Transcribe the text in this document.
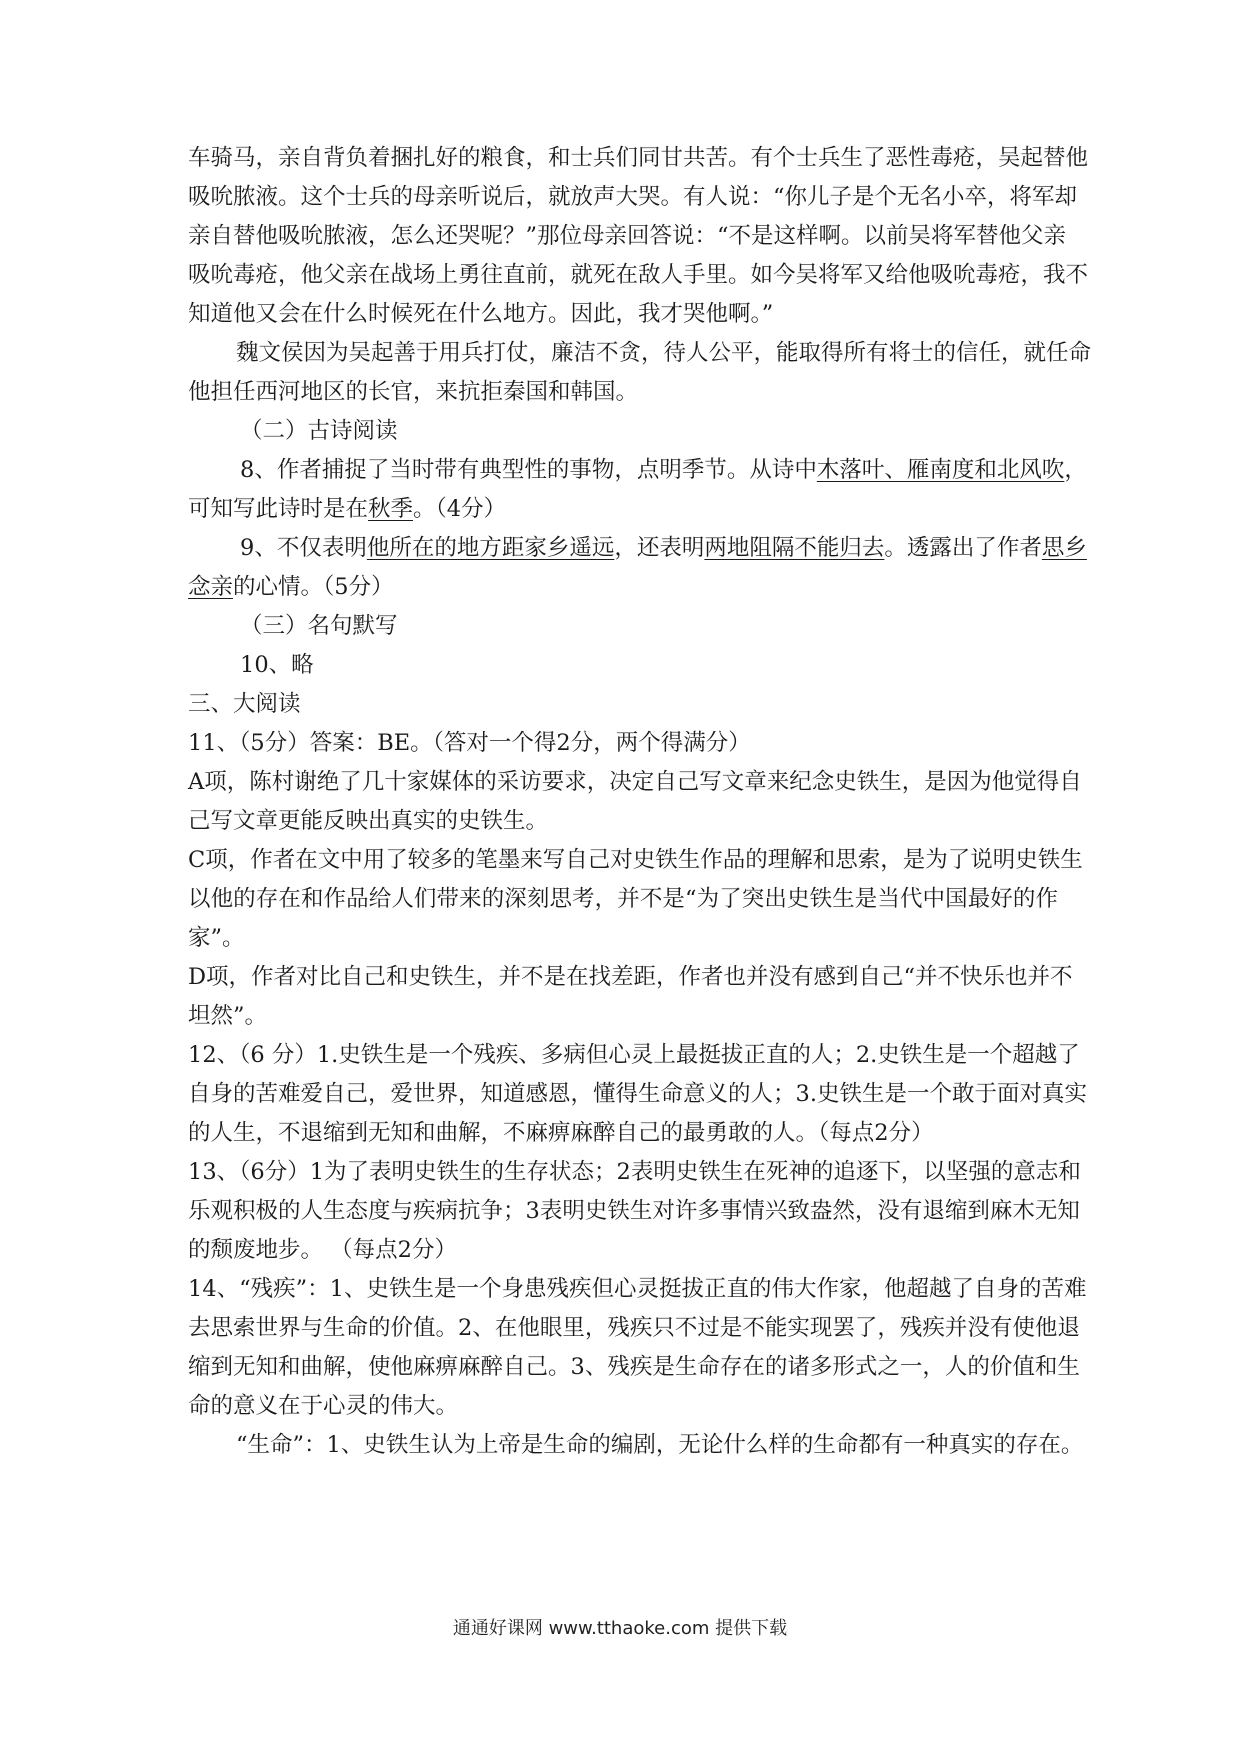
车骑马，亲自背负着捆扎好的粮食，和士兵们同甘共苦。有个士兵生了恶性毒疮，吴起替他
吸吮脓液。这个士兵的母亲听说后，就放声大哭。有人说：“你儿子是个无名小卒，将军却
亲自替他吸吮脓液，怎么还哭呢？”那位母亲回答说：“不是这样啊。以前吴将军替他父亲
吸吮毒疮，他父亲在战场上勇往直前，就死在敌人手里。如今吴将军又给他吸吮毒疮，我不
知道他又会在什么时候死在什么地方。因此，我才哭他啊。”
魏文侯因为吴起善于用兵打仗，廉洁不贪，待人公平，能取得所有将士的信任，就任命
他担任西河地区的长官，来抗拒秦国和韩国。
（二）古诗阅读
8、作者捕捉了当时带有典型性的事物，点明季节。从诗中木落叶、雁南度和北风吹，
可知写此诗时是在秋季。（4分）
9、不仅表明他所在的地方距家乡遥远，还表明两地阻隔不能归去。透露出了作者思乡
念亲的心情。（5分）
（三）名句默写
10、略
三、大阅读
11、（5分）答案：BE。（答对一个得2分，两个得满分）
A项，陈村谢绝了几十家媒体的采访要求，决定自己写文章来纪念史铁生，是因为他觉得自
己写文章更能反映出真实的史铁生。
C项，作者在文中用了较多的笔墨来写自己对史铁生作品的理解和思索，是为了说明史铁生
以他的存在和作品给人们带来的深刻思考，并不是“为了突出史铁生是当代中国最好的作
家”。
D项，作者对比自己和史铁生，并不是在找差距，作者也并没有感到自己“并不快乐也并不
坦然”。
12、（6 分）1.史铁生是一个残疾、多病但心灵上最挺拔正直的人；2.史铁生是一个超越了
自身的苦难爱自己，爱世界，知道感恩，懂得生命意义的人；3.史铁生是一个敢于面对真实
的人生，不退缩到无知和曲解，不麻痹麻醉自己的最勇敢的人。（每点2分）
13、（6分）1为了表明史铁生的生存状态；2表明史铁生在死神的追逐下，以坚强的意志和
乐观积极的人生态度与疾病抗争；3表明史铁生对许多事情兴致盎然，没有退缩到麻木无知
的颓废地步。 （每点2分）
14、“残疾”：1、史铁生是一个身患残疾但心灵挺拔正直的伟大作家，他超越了自身的苦难
去思索世界与生命的价值。2、在他眼里，残疾只不过是不能实现罢了，残疾并没有使他退
缩到无知和曲解，使他麻痹麻醉自己。3、残疾是生命存在的诸多形式之一，人的价值和生
命的意义在于心灵的伟大。
“生命”：1、史铁生认为上帝是生命的编剧，无论什么样的生命都有一种真实的存在。
通通好课网 www.tthaoke.com 提供下载
